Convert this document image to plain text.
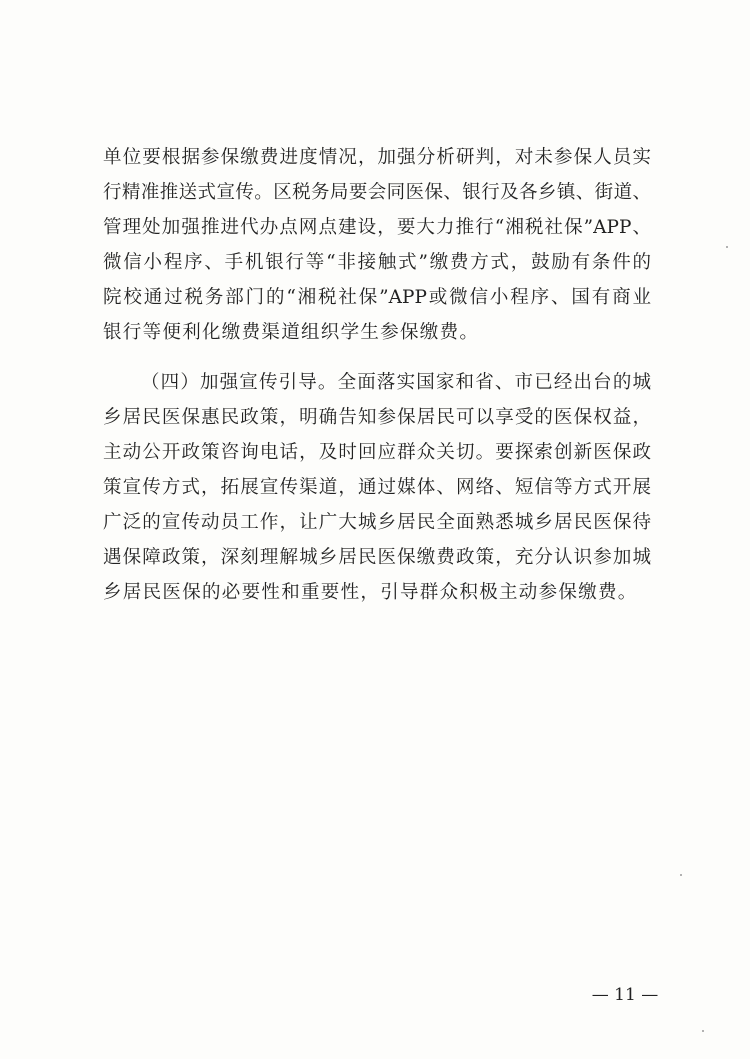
单位要根据参保缴费进度情况，加强分析研判，对未参保人员实
行精准推送式宣传。区税务局要会同医保、银行及各乡镇、街道、
管理处加强推进代办点网点建设，要大力推行“湘税社保”APP、
微信小程序、手机银行等“非接触式”缴费方式，鼓励有条件的
院校通过税务部门的“湘税社保”APP或微信小程序、国有商业
银行等便利化缴费渠道组织学生参保缴费。
（四）加强宣传引导。全面落实国家和省、市已经出台的城
乡居民医保惠民政策，明确告知参保居民可以享受的医保权益，
主动公开政策咨询电话，及时回应群众关切。要探索创新医保政
策宣传方式，拓展宣传渠道，通过媒体、网络、短信等方式开展
广泛的宣传动员工作，让广大城乡居民全面熟悉城乡居民医保待
遇保障政策，深刻理解城乡居民医保缴费政策，充分认识参加城
乡居民医保的必要性和重要性，引导群众积极主动参保缴费。
— 11 —
